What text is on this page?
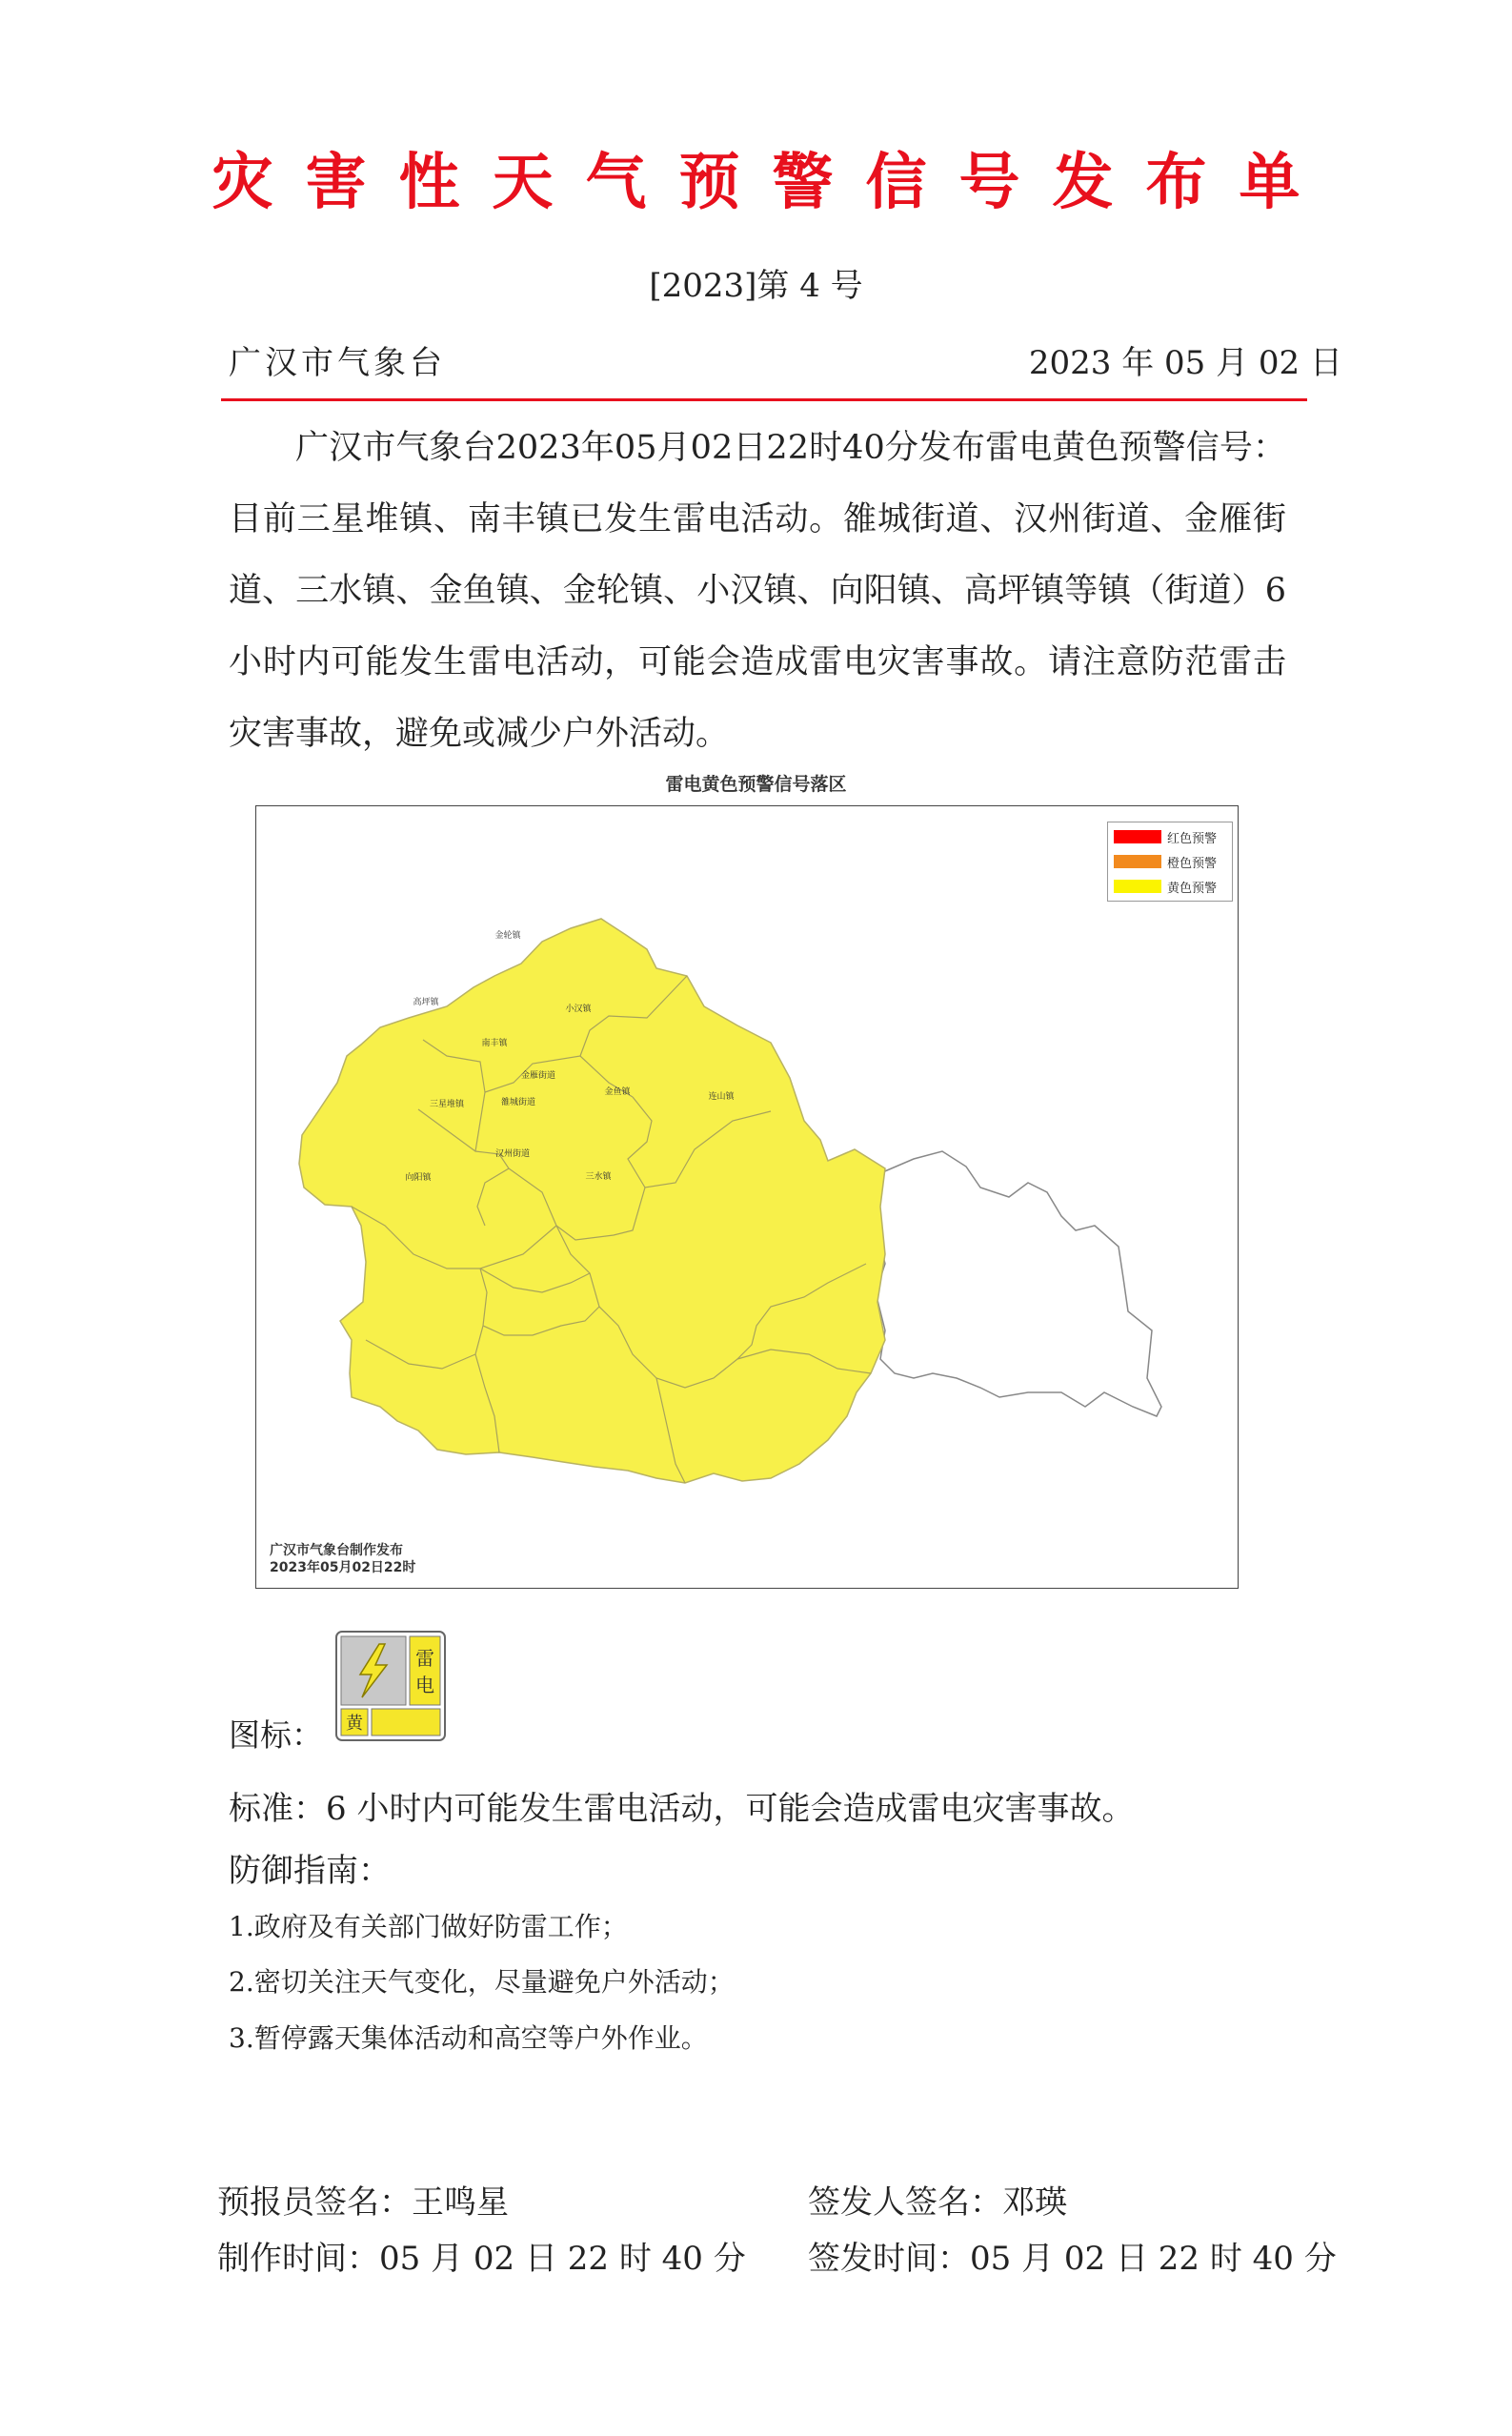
灾害性天气预警信号发布单
[2023]第 4 号
广汉市气象台	2023 年 05 月 02 日
广汉市气象台2023年05月02日22时40分发布雷电黄色预警信号：目前三星堆镇、南丰镇已发生雷电活动。雒城街道、汉州街道、金雁街道、三水镇、金鱼镇、金轮镇、小汉镇、向阳镇、高坪镇等镇（街道）6小时内可能发生雷电活动，可能会造成雷电灾害事故。请注意防范雷击灾害事故，避免或减少户外活动。
雷电黄色预警信号落区
金轮镇
高坪镇
小汉镇
南丰镇
金雁街道
三星堆镇	雒城街道
金鱼镇	连山镇
汉州街道
向阳镇	三水镇
红色预警
橙色预警
黄色预警
广汉市气象台制作发布
2023年05月02日22时
图标：
雷
电
黄
标准：6 小时内可能发生雷电活动，可能会造成雷电灾害事故。
防御指南：
1.政府及有关部门做好防雷工作；
2.密切关注天气变化，尽量避免户外活动；
3.暂停露天集体活动和高空等户外作业。
预报员签名：王鸣星	签发人签名：邓瑛
制作时间：05 月 02 日 22 时 40 分 签发时间：05 月 02 日 22 时 40 分
